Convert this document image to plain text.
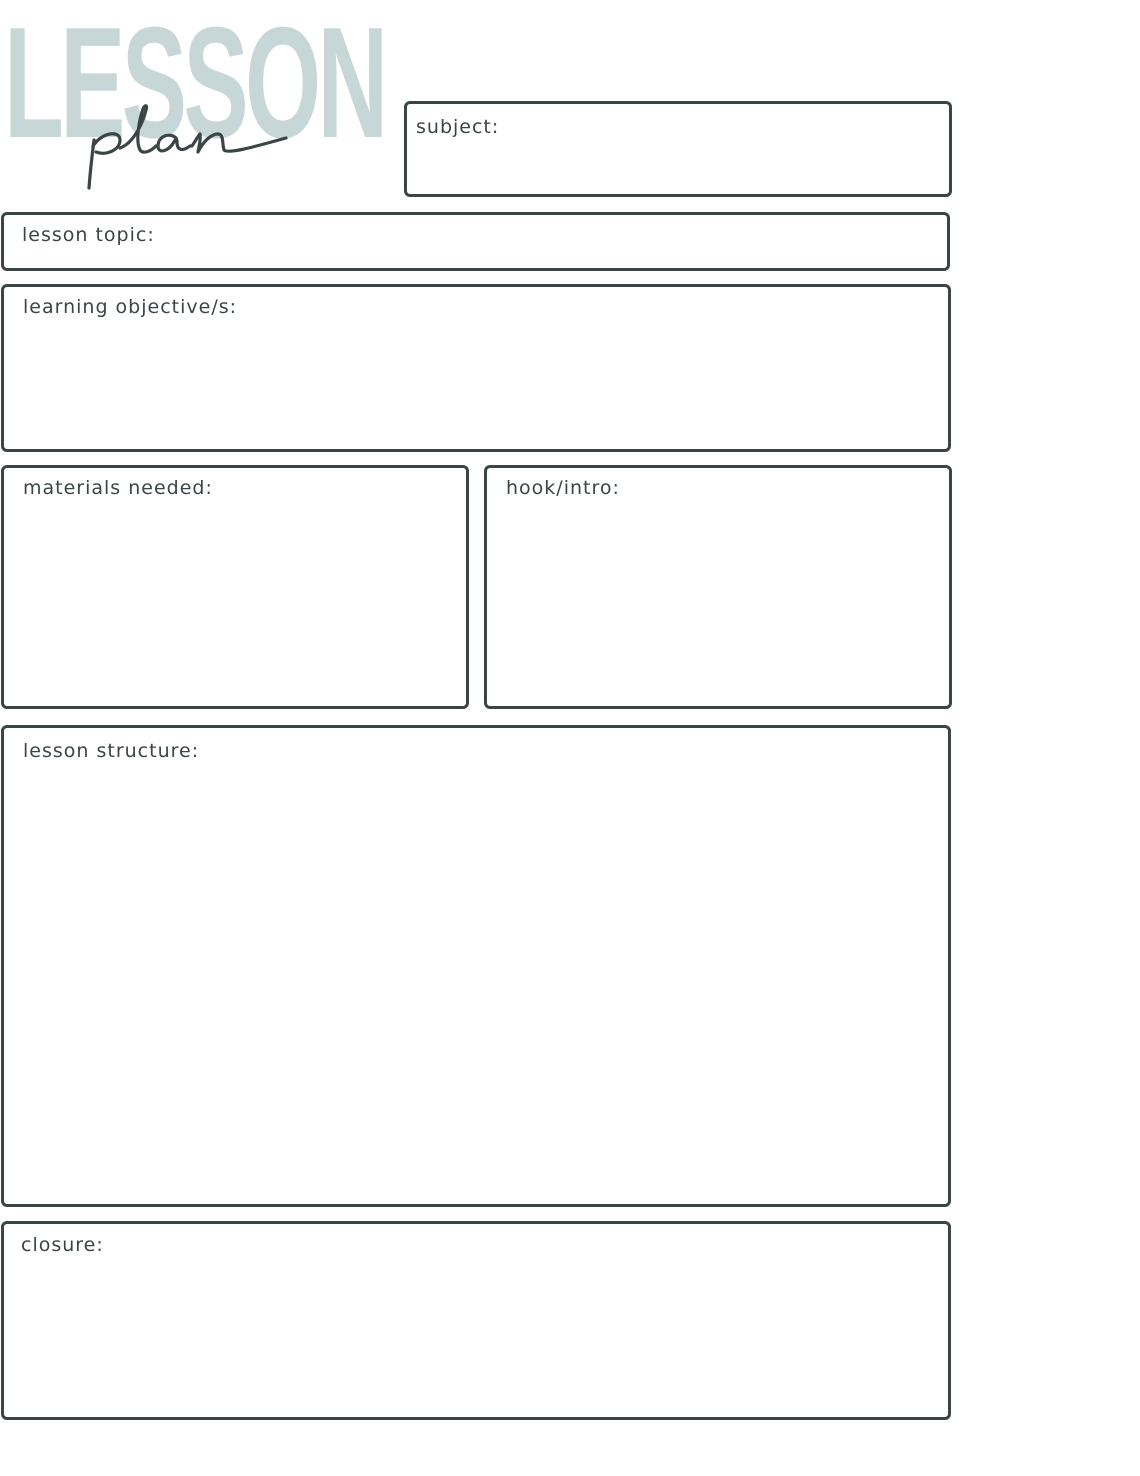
LESSON subject:
lesson topic:
learning objective/s:
materials needed:	hook/intro:
lesson structure:
closure:
